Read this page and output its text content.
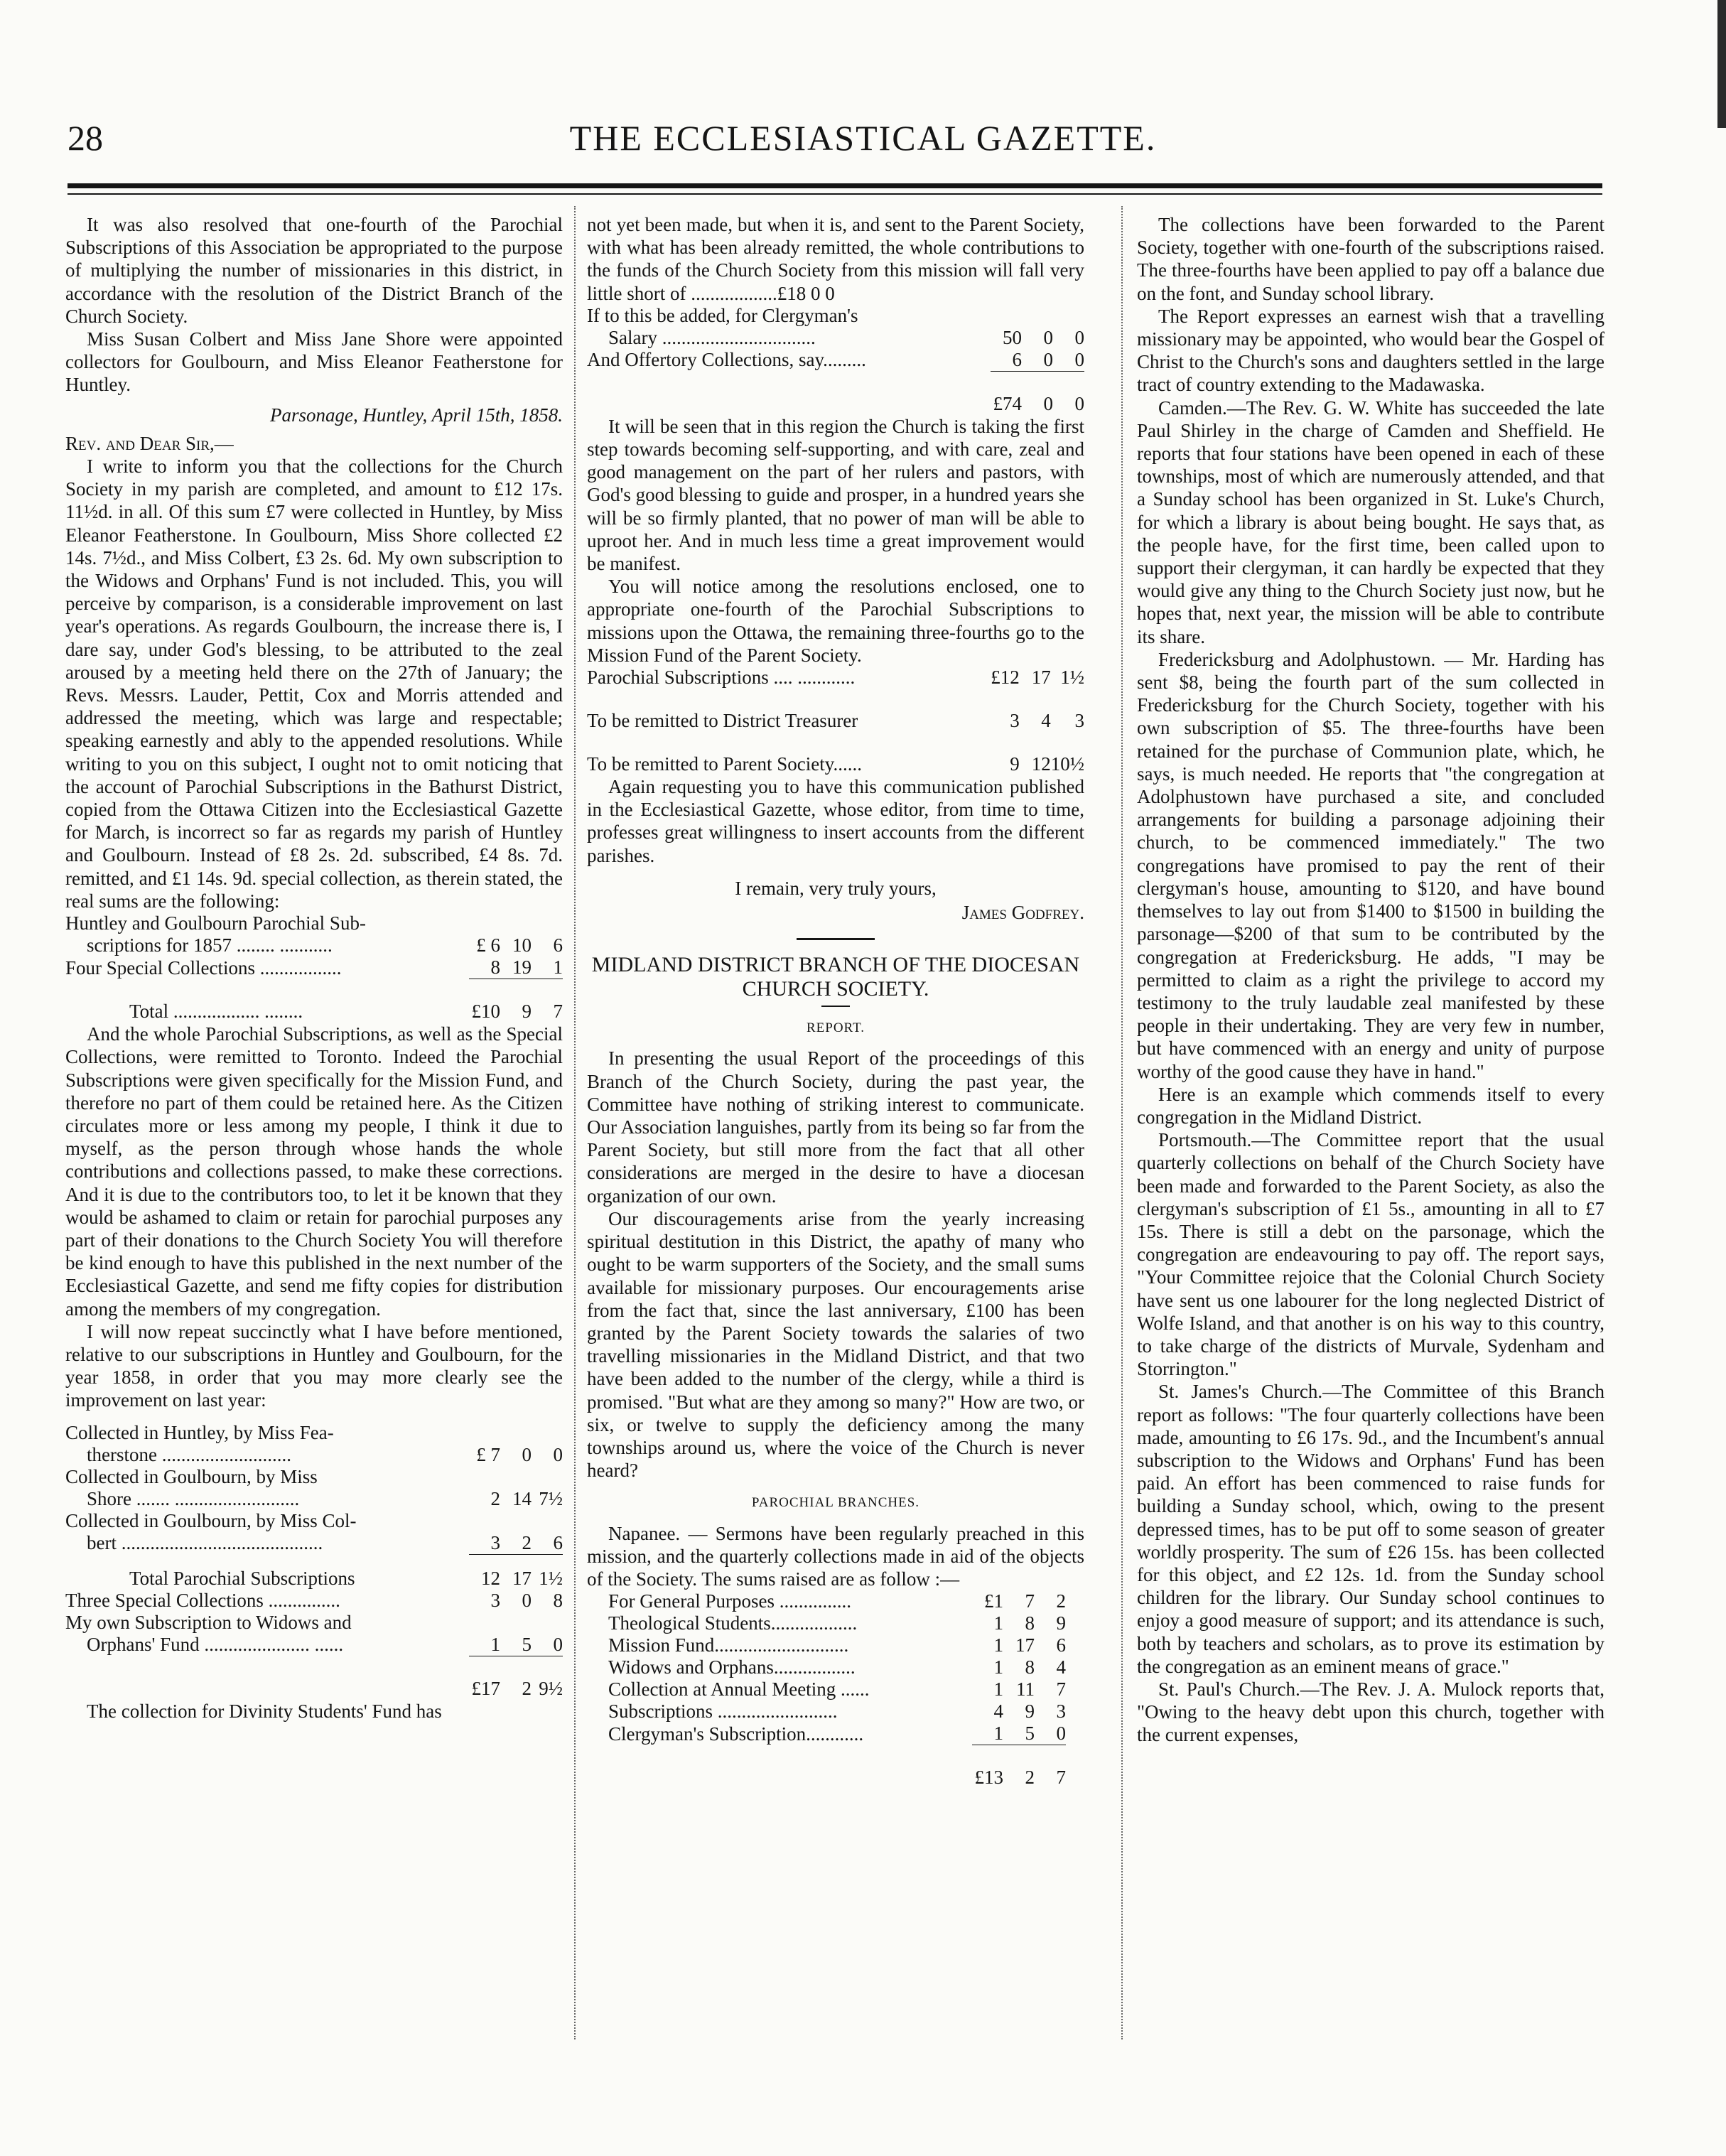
28	THE ECCLESIASTICAL GAZETTE.

It was also resolved that one-fourth of the Parochial Subscriptions of this Association be appropriated to the purpose of multiplying the number of missionaries in this district, in accordance with the resolution of the District Branch of the Church Society.

Miss Susan Colbert and Miss Jane Shore were appointed collectors for Goulbourn, and Miss Eleanor Featherstone for Huntley.

Parsonage, Huntley, April 15th, 1858.

Rev. and Dear Sir,—

I write to inform you that the collections for the Church Society in my parish are completed, and amount to £12 17s. 11½d. in all. Of this sum £7 were collected in Huntley, by Miss Eleanor Featherstone. In Goulbourn, Miss Shore collected £2 14s. 7½d., and Miss Colbert, £3 2s. 6d. My own subscription to the Widows and Orphans' Fund is not included. This, you will perceive by comparison, is a considerable improvement on last year's operations. As regards Goulbourn, the increase there is, I dare say, under God's blessing, to be attributed to the zeal aroused by a meeting held there on the 27th of January; the Revs. Messrs. Lauder, Pettit, Cox and Morris attended and addressed the meeting, which was large and respectable; speaking earnestly and ably to the appended resolutions. While writing to you on this subject, I ought not to omit noticing that the account of Parochial Subscriptions in the Bathurst District, copied from the Ottawa Citizen into the Ecclesiastical Gazette for March, is incorrect so far as regards my parish of Huntley and Goulbourn. Instead of £8 2s. 2d. subscribed, £4 8s. 7d. remitted, and £1 14s. 9d. special collection, as therein stated, the real sums are the following:

Huntley and Goulbourn Parochial Sub-			
scriptions for 1857 ........ ...........	£ 6	10	6
Four Special Collections .................	8	19	1
Total .................. ........	£10	9	7

And the whole Parochial Subscriptions, as well as the Special Collections, were remitted to Toronto. Indeed the Parochial Subscriptions were given specifically for the Mission Fund, and therefore no part of them could be retained here. As the Citizen circulates more or less among my people, I think it due to myself, as the person through whose hands the whole contributions and collections passed, to make these corrections. And it is due to the contributors too, to let it be known that they would be ashamed to claim or retain for parochial purposes any part of their donations to the Church Society You will therefore be kind enough to have this published in the next number of the Ecclesiastical Gazette, and send me fifty copies for distribution among the members of my congregation.

I will now repeat succinctly what I have before mentioned, relative to our subscriptions in Huntley and Goulbourn, for the year 1858, in order that you may more clearly see the improvement on last year:

Collected in Huntley, by Miss Fea-			
therstone ...........................	£ 7	0	0
Collected in Goulbourn, by Miss			
Shore ....... ..........................	2	14	7½
Collected in Goulbourn, by Miss Col-			
bert ..........................................	3	2	6
Total Parochial Subscriptions	12	17	1½
Three Special Collections ...............	3	0	8
My own Subscription to Widows and			
Orphans' Fund ...................... ......	1	5	0
	£17	2	9½

The collection for Divinity Students' Fund has

not yet been made, but when it is, and sent to the Parent Society, with what has been already remitted, the whole contributions to the funds of the Church Society from this mission will fall very little short of ..................£18 0 0

If to this be added, for Clergyman's			
Salary ................................	50	0	0
And Offertory Collections, say.........	6	0	0
	£74	0	0

It will be seen that in this region the Church is taking the first step towards becoming self-supporting, and with care, zeal and good management on the part of her rulers and pastors, with God's good blessing to guide and prosper, in a hundred years she will be so firmly planted, that no power of man will be able to uproot her. And in much less time a great improvement would be manifest.

You will notice among the resolutions enclosed, one to appropriate one-fourth of the Parochial Subscriptions to missions upon the Ottawa, the remaining three-fourths go to the Mission Fund of the Parent Society.

Parochial Subscriptions .... ............	£12	17	1½
To be remitted to District Treasurer	3	4	3
To be remitted to Parent Society......	9	12	10½

Again requesting you to have this communication published in the Ecclesiastical Gazette, whose editor, from time to time, professes great willingness to insert accounts from the different parishes.

I remain, very truly yours,

James Godfrey.

MIDLAND DISTRICT BRANCH OF THE DIOCESAN CHURCH SOCIETY.

REPORT.

In presenting the usual Report of the proceedings of this Branch of the Church Society, during the past year, the Committee have nothing of striking interest to communicate. Our Association languishes, partly from its being so far from the Parent Society, but still more from the fact that all other considerations are merged in the desire to have a diocesan organization of our own.

Our discouragements arise from the yearly increasing spiritual destitution in this District, the apathy of many who ought to be warm supporters of the Society, and the small sums available for missionary purposes. Our encouragements arise from the fact that, since the last anniversary, £100 has been granted by the Parent Society towards the salaries of two travelling missionaries in the Midland District, and that two have been added to the number of the clergy, while a third is promised. "But what are they among so many?" How are two, or six, or twelve to supply the deficiency among the many townships around us, where the voice of the Church is never heard?

PAROCHIAL BRANCHES.

Napanee. — Sermons have been regularly preached in this mission, and the quarterly collections made in aid of the objects of the Society. The sums raised are as follow :—

For General Purposes ...............	£1	7	2
Theological Students..................	1	8	9
Mission Fund............................	1	17	6
Widows and Orphans.................	1	8	4
Collection at Annual Meeting ......	1	11	7
Subscriptions .........................	4	9	3
Clergyman's Subscription............	1	5	0
	£13	2	7

The collections have been forwarded to the Parent Society, together with one-fourth of the subscriptions raised. The three-fourths have been applied to pay off a balance due on the font, and Sunday school library.

The Report expresses an earnest wish that a travelling missionary may be appointed, who would bear the Gospel of Christ to the Church's sons and daughters settled in the large tract of country extending to the Madawaska.

Camden.—The Rev. G. W. White has succeeded the late Paul Shirley in the charge of Camden and Sheffield. He reports that four stations have been opened in each of these townships, most of which are numerously attended, and that a Sunday school has been organized in St. Luke's Church, for which a library is about being bought. He says that, as the people have, for the first time, been called upon to support their clergyman, it can hardly be expected that they would give any thing to the Church Society just now, but he hopes that, next year, the mission will be able to contribute its share.

Fredericksburg and Adolphustown. — Mr. Harding has sent $8, being the fourth part of the sum collected in Fredericksburg for the Church Society, together with his own subscription of $5. The three-fourths have been retained for the purchase of Communion plate, which, he says, is much needed. He reports that "the congregation at Adolphustown have purchased a site, and concluded arrangements for building a parsonage adjoining their church, to be commenced immediately." The two congregations have promised to pay the rent of their clergyman's house, amounting to $120, and have bound themselves to lay out from $1400 to $1500 in building the parsonage—$200 of that sum to be contributed by the congregation at Fredericksburg. He adds, "I may be permitted to claim as a right the privilege to accord my testimony to the truly laudable zeal manifested by these people in their undertaking. They are very few in number, but have commenced with an energy and unity of purpose worthy of the good cause they have in hand."

Here is an example which commends itself to every congregation in the Midland District.

Portsmouth.—The Committee report that the usual quarterly collections on behalf of the Church Society have been made and forwarded to the Parent Society, as also the clergyman's subscription of £1 5s., amounting in all to £7 15s. There is still a debt on the parsonage, which the congregation are endeavouring to pay off. The report says, "Your Committee rejoice that the Colonial Church Society have sent us one labourer for the long neglected District of Wolfe Island, and that another is on his way to this country, to take charge of the districts of Murvale, Sydenham and Storrington."

St. James's Church.—The Committee of this Branch report as follows: "The four quarterly collections have been made, amounting to £6 17s. 9d., and the Incumbent's annual subscription to the Widows and Orphans' Fund has been paid. An effort has been commenced to raise funds for building a Sunday school, which, owing to the present depressed times, has to be put off to some season of greater worldly prosperity. The sum of £26 15s. has been collected for this object, and £2 12s. 1d. from the Sunday school children for the library. Our Sunday school continues to enjoy a good measure of support; and its attendance is such, both by teachers and scholars, as to prove its estimation by the congregation as an eminent means of grace."

St. Paul's Church.—The Rev. J. A. Mulock reports that, "Owing to the heavy debt upon this church, together with the current expenses,
